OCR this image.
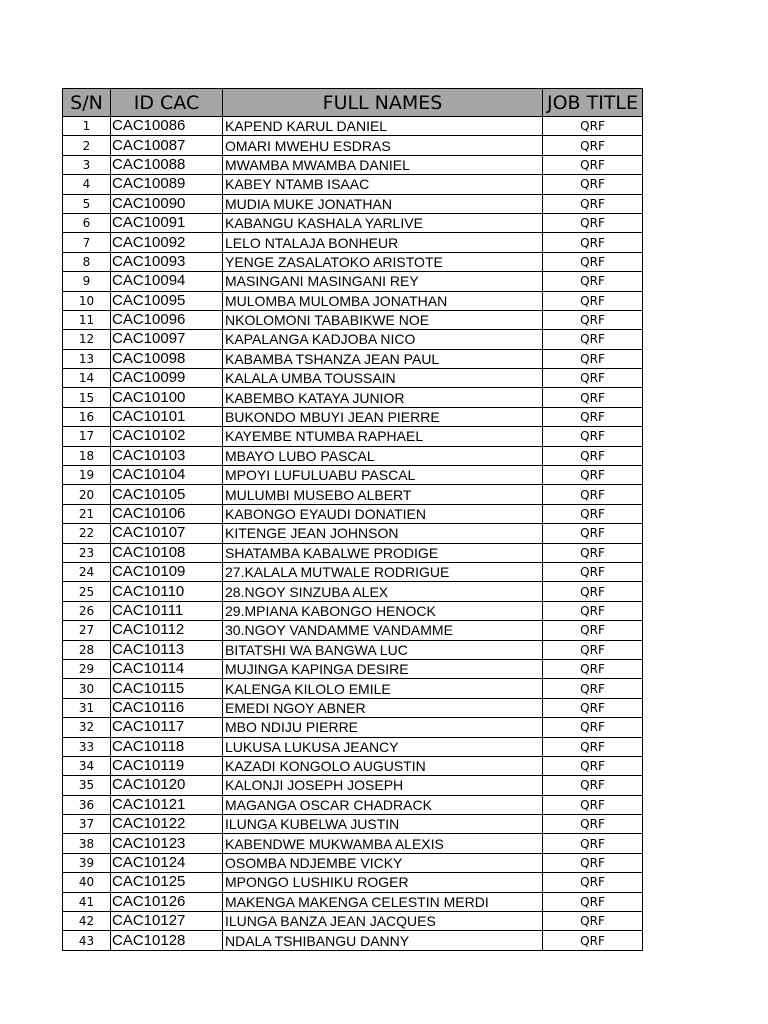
S/N	ID CAC	FULL NAMES	JOB TITLE
1	CAC10086	KAPEND KARUL DANIEL	QRF
2	CAC10087	OMARI MWEHU ESDRAS	QRF
3	CAC10088	MWAMBA MWAMBA DANIEL	QRF
4	CAC10089	KABEY NTAMB ISAAC	QRF
5	CAC10090	MUDIA MUKE JONATHAN	QRF
6	CAC10091	KABANGU KASHALA YARLIVE	QRF
7	CAC10092	LELO NTALAJA BONHEUR	QRF
8	CAC10093	YENGE ZASALATOKO ARISTOTE	QRF
9	CAC10094	MASINGANI MASINGANI REY	QRF
10	CAC10095	MULOMBA MULOMBA JONATHAN	QRF
11	CAC10096	NKOLOMONI TABABIKWE NOE	QRF
12	CAC10097	KAPALANGA KADJOBA NICO	QRF
13	CAC10098	KABAMBA TSHANZA JEAN PAUL	QRF
14	CAC10099	KALALA UMBA TOUSSAIN	QRF
15	CAC10100	KABEMBO KATAYA JUNIOR	QRF
16	CAC10101	BUKONDO MBUYI JEAN PIERRE	QRF
17	CAC10102	KAYEMBE NTUMBA RAPHAEL	QRF
18	CAC10103	MBAYO LUBO PASCAL	QRF
19	CAC10104	MPOYI LUFULUABU PASCAL	QRF
20	CAC10105	MULUMBI MUSEBO ALBERT	QRF
21	CAC10106	KABONGO EYAUDI DONATIEN	QRF
22	CAC10107	KITENGE JEAN JOHNSON	QRF
23	CAC10108	SHATAMBA KABALWE PRODIGE	QRF
24	CAC10109	27.KALALA MUTWALE RODRIGUE	QRF
25	CAC10110	28.NGOY SINZUBA ALEX	QRF
26	CAC10111	29.MPIANA KABONGO HENOCK	QRF
27	CAC10112	30.NGOY VANDAMME VANDAMME	QRF
28	CAC10113	BITATSHI WA BANGWA LUC	QRF
29	CAC10114	MUJINGA KAPINGA DESIRE	QRF
30	CAC10115	KALENGA KILOLO EMILE	QRF
31	CAC10116	EMEDI NGOY ABNER	QRF
32	CAC10117	MBO NDIJU PIERRE	QRF
33	CAC10118	LUKUSA LUKUSA JEANCY	QRF
34	CAC10119	KAZADI KONGOLO AUGUSTIN	QRF
35	CAC10120	KALONJI JOSEPH JOSEPH	QRF
36	CAC10121	MAGANGA OSCAR CHADRACK	QRF
37	CAC10122	ILUNGA KUBELWA JUSTIN	QRF
38	CAC10123	KABENDWE MUKWAMBA ALEXIS	QRF
39	CAC10124	OSOMBA NDJEMBE VICKY	QRF
40	CAC10125	MPONGO LUSHIKU ROGER	QRF
41	CAC10126	MAKENGA MAKENGA CELESTIN MERDI	QRF
42	CAC10127	ILUNGA BANZA JEAN JACQUES	QRF
43	CAC10128	NDALA TSHIBANGU DANNY	QRF
